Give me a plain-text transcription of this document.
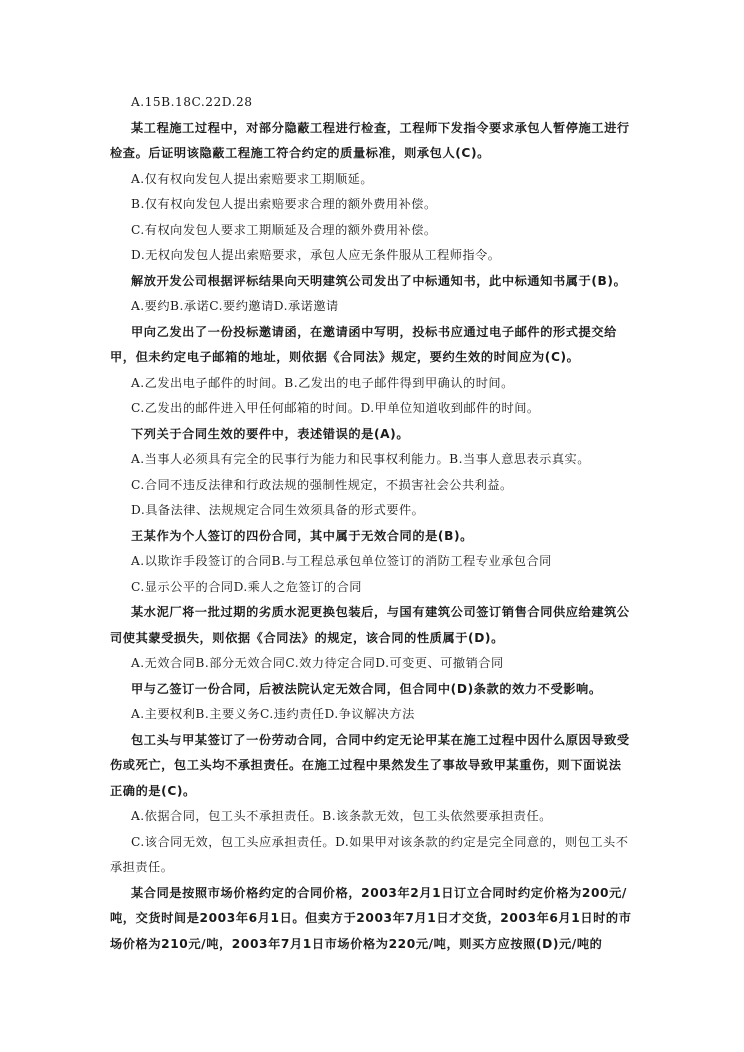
A.15B.18C.22D.28

某工程施工过程中，对部分隐蔽工程进行检查，工程师下发指令要求承包人暂停施工进行检查。后证明该隐蔽工程施工符合约定的质量标准，则承包人(C)。

A.仅有权向发包人提出索赔要求工期顺延。

B.仅有权向发包人提出索赔要求合理的额外费用补偿。

C.有权向发包人要求工期顺延及合理的额外费用补偿。

D.无权向发包人提出索赔要求，承包人应无条件服从工程师指令。

解放开发公司根据评标结果向天明建筑公司发出了中标通知书，此中标通知书属于(B)。

A.要约B.承诺C.要约邀请D.承诺邀请

甲向乙发出了一份投标邀请函，在邀请函中写明，投标书应通过电子邮件的形式提交给甲，但未约定电子邮箱的地址，则依据《合同法》规定，要约生效的时间应为(C)。

A.乙发出电子邮件的时间。B.乙发出的电子邮件得到甲确认的时间。

C.乙发出的邮件进入甲任何邮箱的时间。D.甲单位知道收到邮件的时间。

下列关于合同生效的要件中，表述错误的是(A)。

A.当事人必须具有完全的民事行为能力和民事权利能力。B.当事人意思表示真实。

C.合同不违反法律和行政法规的强制性规定，不损害社会公共利益。

D.具备法律、法规规定合同生效须具备的形式要件。

王某作为个人签订的四份合同，其中属于无效合同的是(B)。

A.以欺诈手段签订的合同B.与工程总承包单位签订的消防工程专业承包合同

C.显示公平的合同D.乘人之危签订的合同

某水泥厂将一批过期的劣质水泥更换包装后，与国有建筑公司签订销售合同供应给建筑公司使其蒙受损失，则依据《合同法》的规定，该合同的性质属于(D)。

A.无效合同B.部分无效合同C.效力待定合同D.可变更、可撤销合同

甲与乙签订一份合同，后被法院认定无效合同，但合同中(D)条款的效力不受影响。

A.主要权利B.主要义务C.违约责任D.争议解决方法

包工头与甲某签订了一份劳动合同，合同中约定无论甲某在施工过程中因什么原因导致受伤或死亡，包工头均不承担责任。在施工过程中果然发生了事故导致甲某重伤，则下面说法正确的是(C)。

A.依据合同，包工头不承担责任。B.该条款无效，包工头依然要承担责任。

C.该合同无效，包工头应承担责任。D.如果甲对该条款的约定是完全同意的，则包工头不承担责任。

某合同是按照市场价格约定的合同价格，2003年2月1日订立合同时约定价格为200元/吨，交货时间是2003年6月1日。但卖方于2003年7月1日才交货，2003年6月1日时的市场价格为210元/吨，2003年7月1日市场价格为220元/吨，则买方应按照(D)元/吨的
